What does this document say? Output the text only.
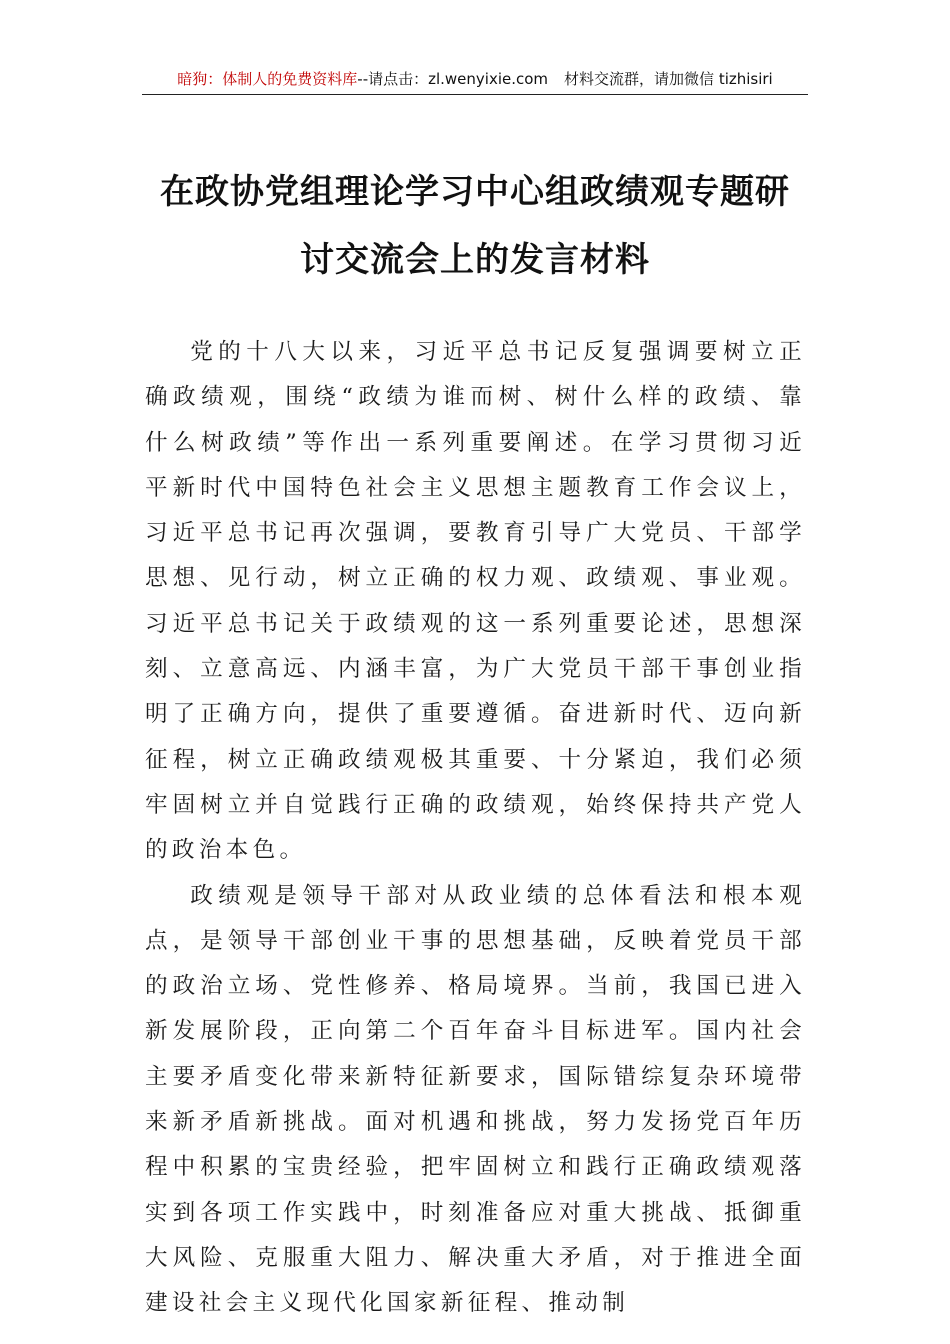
暗狗：体制人的免费资料库--请点击：zl.wenyixie.com 材料交流群，请加微信 tizhisiri
在政协党组理论学习中心组政绩观专题研
讨交流会上的发言材料

党的十八大以来，习近平总书记反复强调要树立正确政绩观，围绕“政绩为谁而树、树什么样的政绩、靠什么树政绩”等作出一系列重要阐述。在学习贯彻习近平新时代中国特色社会主义思想主题教育工作会议上，习近平总书记再次强调，要教育引导广大党员、干部学思想、见行动，树立正确的权力观、政绩观、事业观。习近平总书记关于政绩观的这一系列重要论述，思想深刻、立意高远、内涵丰富，为广大党员干部干事创业指明了正确方向，提供了重要遵循。奋进新时代、迈向新征程，树立正确政绩观极其重要、十分紧迫，我们必须牢固树立并自觉践行正确的政绩观，始终保持共产党人的政治本色。

政绩观是领导干部对从政业绩的总体看法和根本观点，是领导干部创业干事的思想基础，反映着党员干部的政治立场、党性修养、格局境界。当前，我国已进入新发展阶段，正向第二个百年奋斗目标进军。国内社会主要矛盾变化带来新特征新要求，国际错综复杂环境带来新矛盾新挑战。面对机遇和挑战，努力发扬党百年历程中积累的宝贵经验，把牢固树立和践行正确政绩观落实到各项工作实践中，时刻准备应对重大挑战、抵御重大风险、克服重大阻力、解决重大矛盾，对于推进全面建设社会主义现代化国家新征程、推动制
